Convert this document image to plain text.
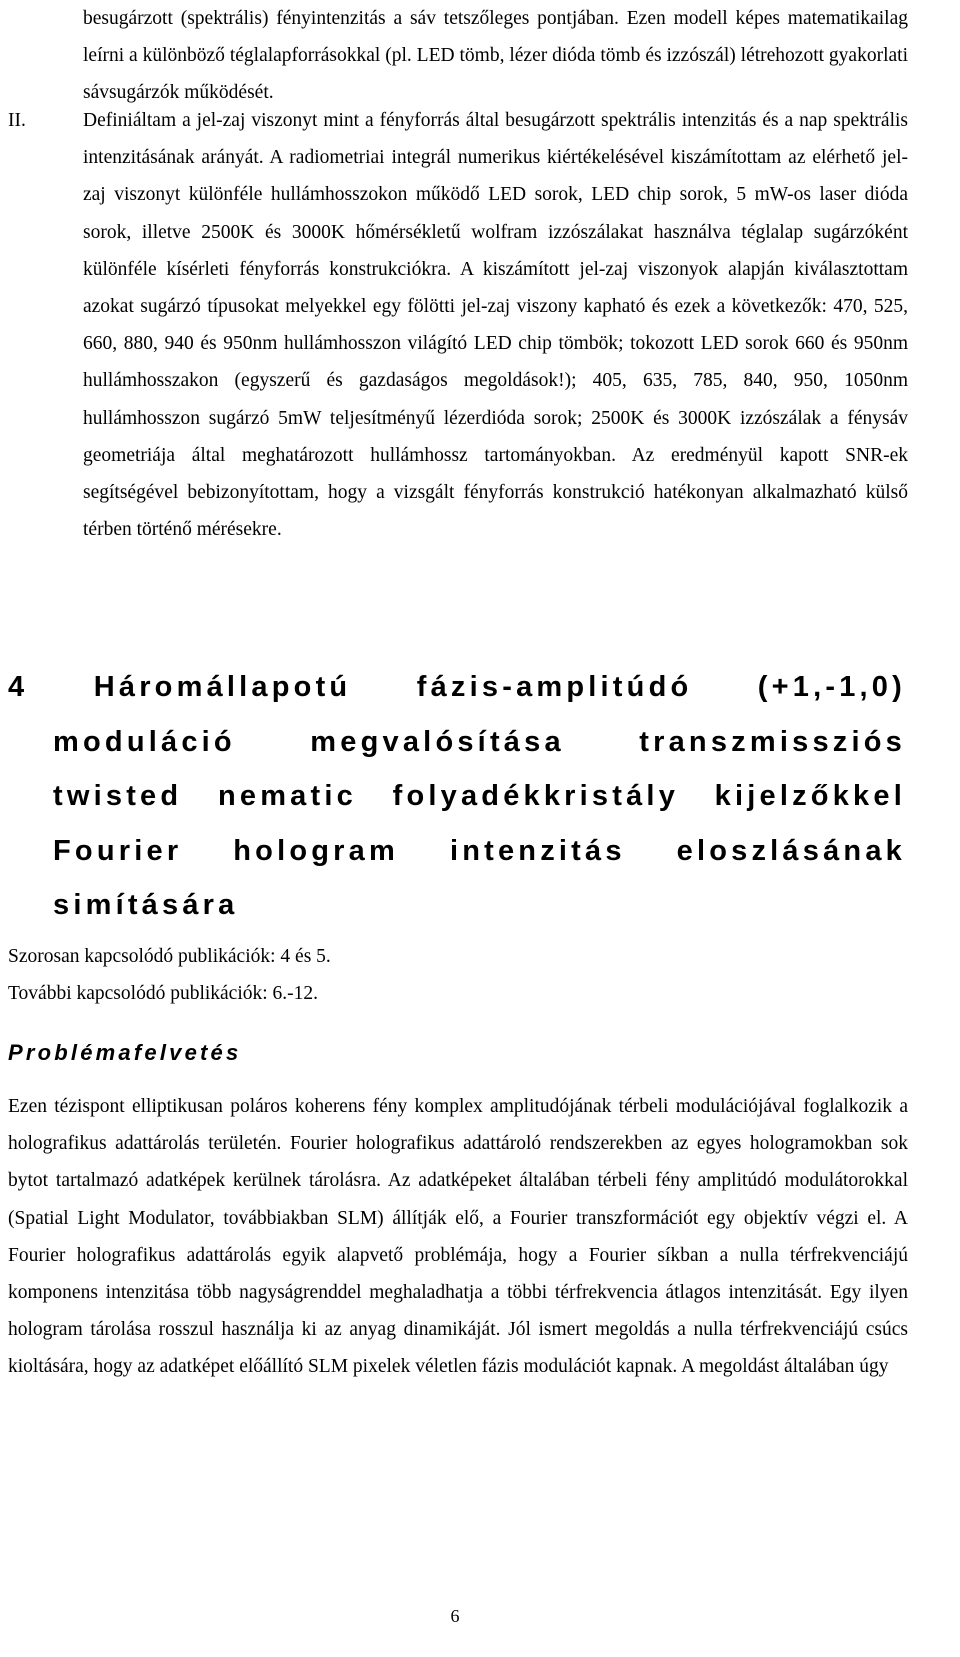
besugárzott (spektrális) fényintenzitás a sáv tetszőleges pontjában. Ezen modell képes matematikailag leírni a különböző téglalapforrásokkal (pl. LED tömb, lézer dióda tömb és izzószál) létrehozott gyakorlati sávsugárzók működését.

II.	Definiáltam a jel-zaj viszonyt mint a fényforrás által besugárzott spektrális intenzitás és a nap spektrális intenzitásának arányát. A radiometriai integrál numerikus kiértékelésével kiszámítottam az elérhető jel-zaj viszonyt különféle hullámhosszokon működő LED sorok, LED chip sorok, 5 mW-os laser dióda sorok, illetve 2500K és 3000K hőmérsékletű wolfram izzószálakat használva téglalap sugárzóként különféle kísérleti fényforrás konstrukciókra. A kiszámított jel-zaj viszonyok alapján kiválasztottam azokat sugárzó típusokat melyekkel egy fölötti jel-zaj viszony kapható és ezek a következők: 470, 525, 660, 880, 940 és 950nm hullámhosszon világító LED chip tömbök; tokozott LED sorok 660 és 950nm hullámhosszakon (egyszerű és gazdaságos megoldások!); 405, 635, 785, 840, 950, 1050nm hullámhosszon sugárzó 5mW teljesítményű lézerdióda sorok; 2500K és 3000K izzószálak a fénysáv geometriája által meghatározott hullámhossz tartományokban. Az eredményül kapott SNR-ek segítségével bebizonyítottam, hogy a vizsgált fényforrás konstrukció hatékonyan alkalmazható külső térben történő mérésekre.

4 Háromállapotú fázis-amplitúdó (+1,-1,0)
moduláció	megvalósítása	transzmissziós
twisted nematic folyadékkristály kijelzőkkel
Fourier hologram intenzitás eloszlásának
simítására
Szorosan kapcsolódó publikációk: 4 és 5.
További kapcsolódó publikációk: 6.-12.
Problémafelvetés

Ezen tézispont elliptikusan poláros koherens fény komplex amplitudójának térbeli modulációjával foglalkozik a holografikus adattárolás területén. Fourier holografikus adattároló rendszerekben az egyes hologramokban sok bytot tartalmazó adatképek kerülnek tárolásra. Az adatképeket általában térbeli fény amplitúdó modulátorokkal (Spatial Light Modulator, továbbiakban SLM) állítják elő, a Fourier transzformációt egy objektív végzi el. A Fourier holografikus adattárolás egyik alapvető problémája, hogy a Fourier síkban a nulla térfrekvenciájú komponens intenzitása több nagyságrenddel meghaladhatja a többi térfrekvencia átlagos intenzitását. Egy ilyen hologram tárolása rosszul használja ki az anyag dinamikáját. Jól ismert megoldás a nulla térfrekvenciájú csúcs kioltására, hogy az adatképet előállító SLM pixelek véletlen fázis modulációt kapnak. A megoldást általában úgy

6
